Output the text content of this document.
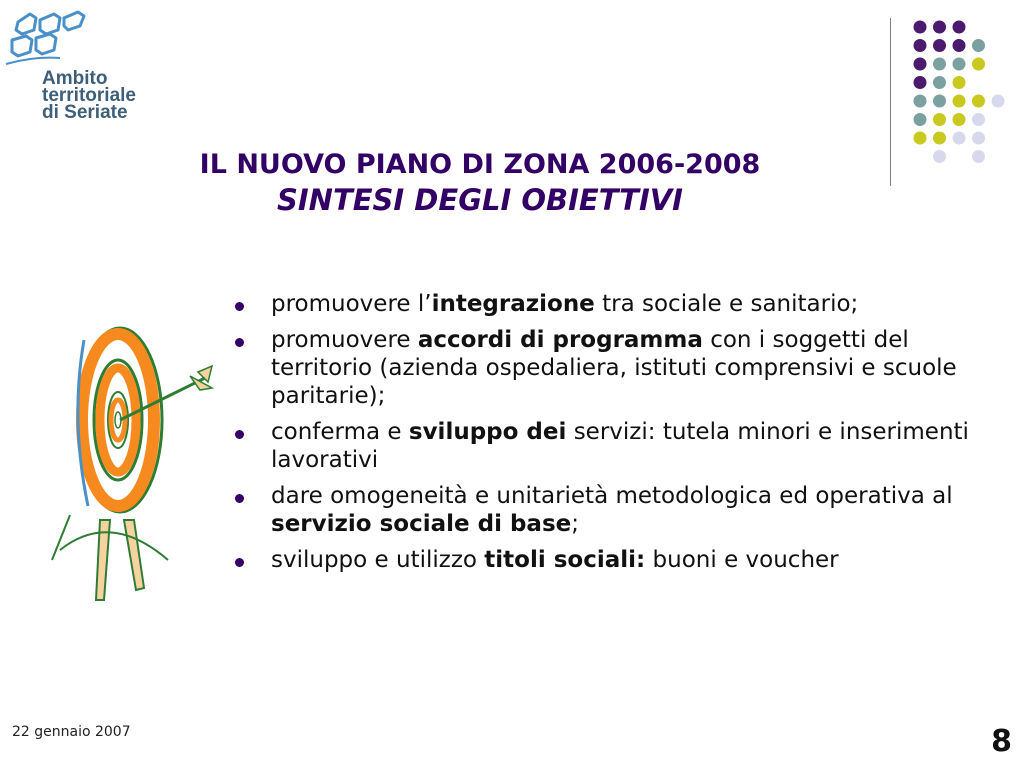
Ambito
territoriale
di Seriate
IL NUOVO PIANO DI ZONA 2006-2008
SINTESI DEGLI OBIETTIVI
promuovere l’integrazione tra sociale e sanitario;
promuovere accordi di programma con i soggetti del territorio (azienda ospedaliera, istituti comprensivi e scuole paritarie);
conferma e sviluppo dei servizi: tutela minori e inserimenti lavorativi
dare omogeneità e unitarietà metodologica ed operativa al servizio sociale di base;
sviluppo e utilizzo titoli sociali: buoni e voucher
22 gennaio 2007	8
